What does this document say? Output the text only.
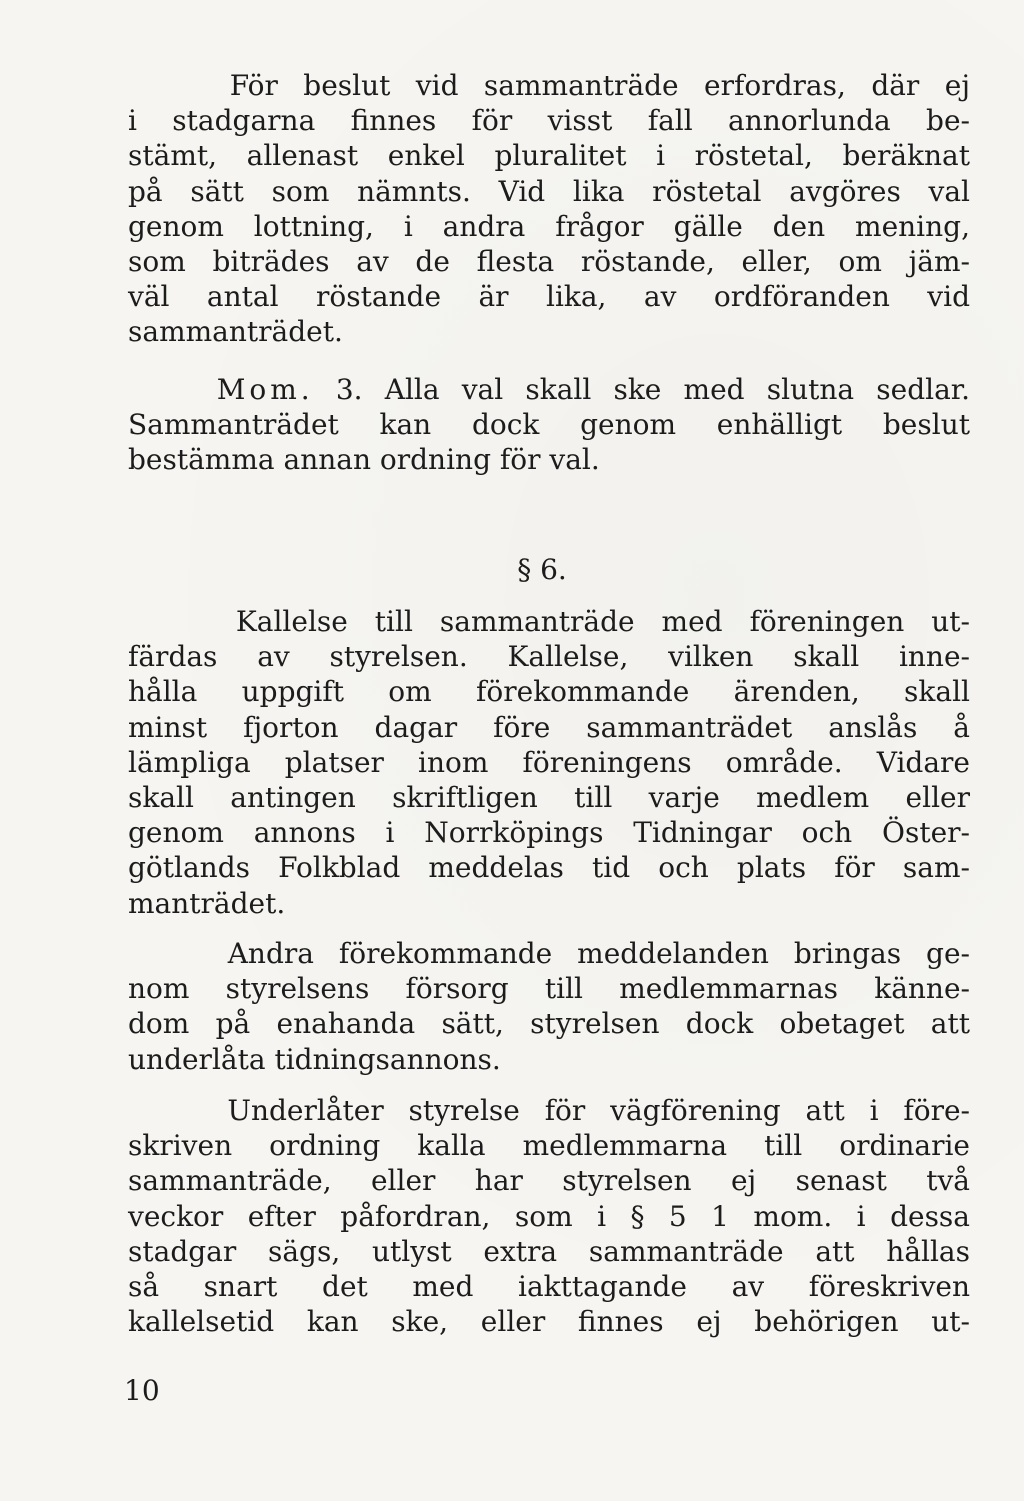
För beslut vid sammanträde erfordras, där ej
i stadgarna finnes för visst fall annorlunda be-
stämt, allenast enkel pluralitet i röstetal, beräknat
på sätt som nämnts. Vid lika röstetal avgöres val
genom lottning, i andra frågor gälle den mening,
som biträdes av de flesta röstande, eller, om jäm-
väl antal röstande är lika, av ordföranden vid
sammanträdet.
Mom. 3. Alla val skall ske med slutna sedlar.
Sammanträdet kan dock genom enhälligt beslut
bestämma annan ordning för val.
§ 6.
Kallelse till sammanträde med föreningen ut-
färdas av styrelsen. Kallelse, vilken skall inne-
hålla uppgift om förekommande ärenden, skall
minst fjorton dagar före sammanträdet anslås å
lämpliga platser inom föreningens område. Vidare
skall antingen skriftligen till varje medlem eller
genom annons i Norrköpings Tidningar och Öster-
götlands Folkblad meddelas tid och plats för sam-
manträdet.
Andra förekommande meddelanden bringas ge-
nom styrelsens försorg till medlemmarnas känne-
dom på enahanda sätt, styrelsen dock obetaget att
underlåta tidningsannons.
Underlåter styrelse för vägförening att i före-
skriven ordning kalla medlemmarna till ordinarie
sammanträde, eller har styrelsen ej senast två
veckor efter påfordran, som i § 5 1 mom. i dessa
stadgar sägs, utlyst extra sammanträde att hållas
så snart det med iakttagande av föreskriven
kallelsetid kan ske, eller finnes ej behörigen ut-
10
